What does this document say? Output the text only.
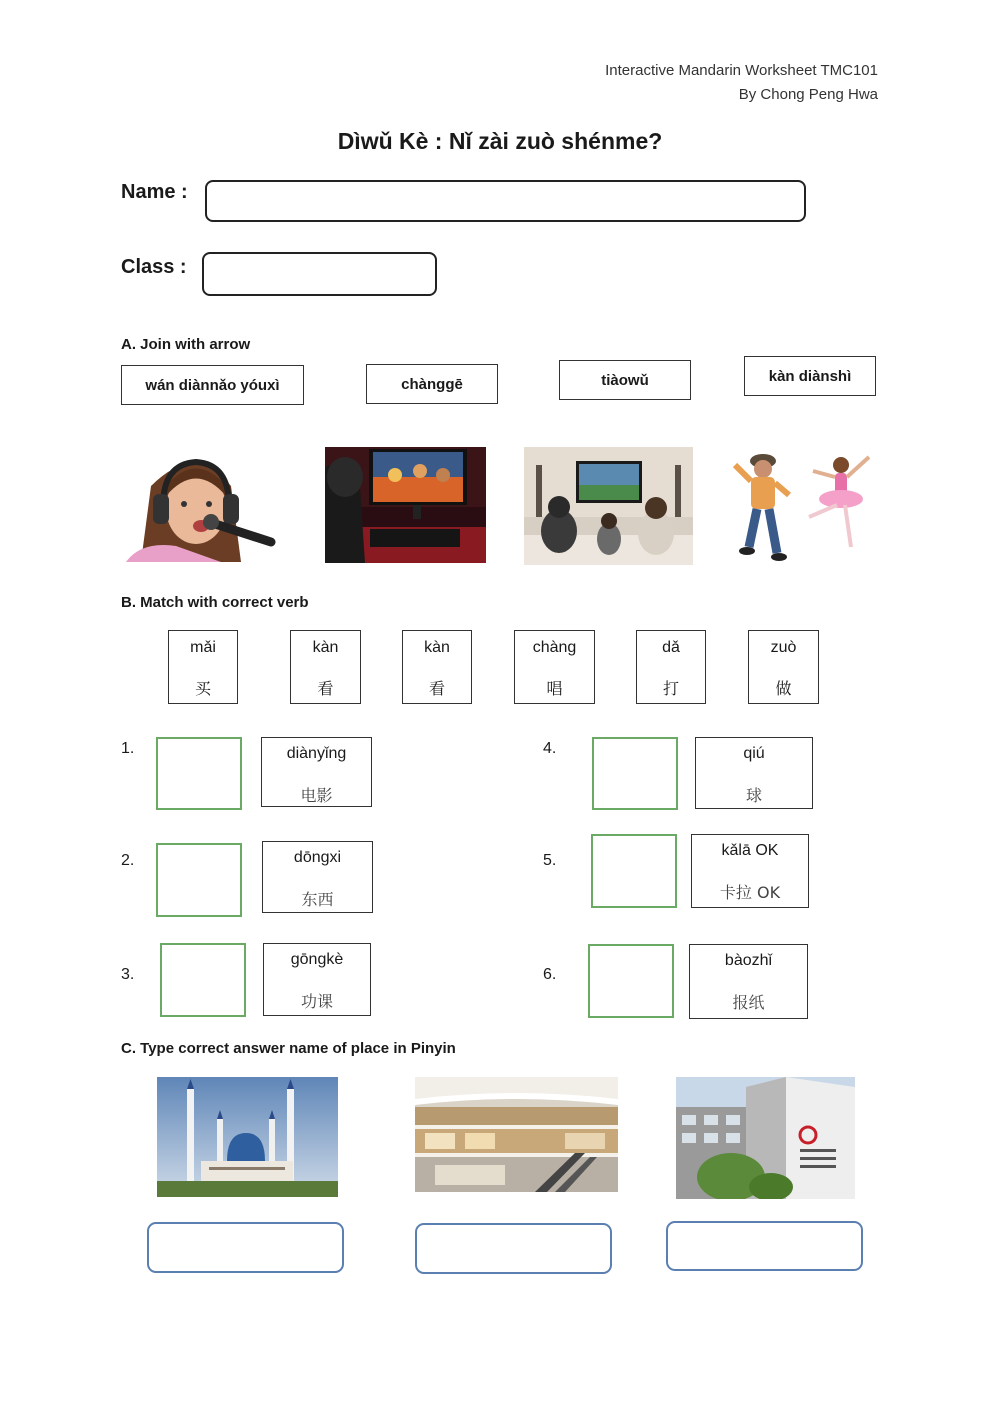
Interactive Mandarin Worksheet TMC101
By Chong Peng Hwa
Dìwǔ Kè : Nǐ zài zuò shénme?
Name :
Class :
A. Join with arrow
wán diànnǎo yóuxì	chànggē	tiàowǔ	kàn diànshì
B. Match with correct verb
mǎi
买
kàn
看
kàn
看
chàng
唱
dǎ
打
zuò
做
1.	diànyǐng
电影
2.	dōngxi
东西
3.
gōngkè
功课
4.	qiú
球
5.
kǎlā OK
卡拉 OK
6.
bàozhǐ
报纸
C. Type correct answer name of place in Pinyin
